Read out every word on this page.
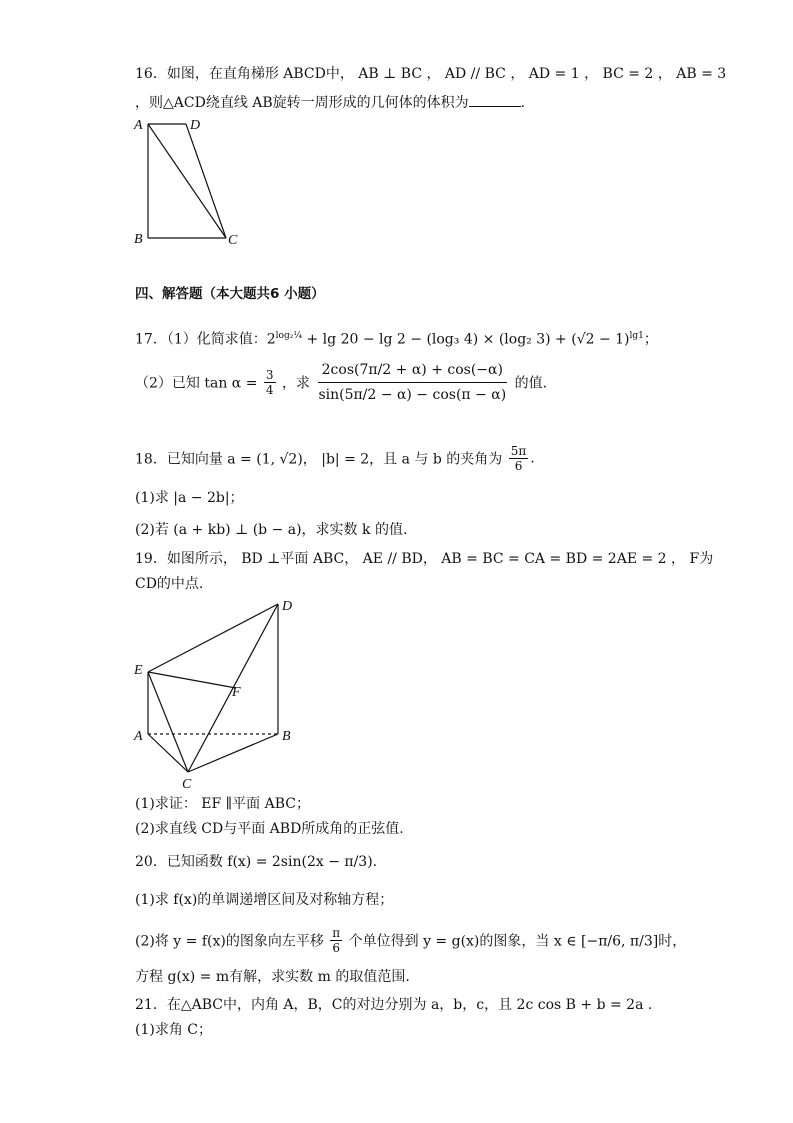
16．如图，在直角梯形 ABCD中， AB ⊥ BC ， AD // BC ， AD = 1 ， BC = 2 ， AB = 3
，则△ACD绕直线 AB旋转一周形成的几何体的体积为	.
A	D
B	C
四、解答题（本大题共6 小题）
17．（1）化简求值：$2^{log_2\frac{1}{4}} + \lg 20 - \lg 2 - (\log_3$ 4) × (log₂ $3) + (√2 - 1)^{lg1}$；
（2）已知 $\tan \alpha = \frac{3}{4}$ ，求 $\frac{2\cos(7\pi/2 + \alpha) + \cos(-\alpha)}{\sin(5\pi/2 - \alpha) - \cos(\pi - \alpha)}$ 的值.
18．已知向量 a = (1, √2)， |b| = 2，且 a 与 b 的夹角为 $\frac{5\pi}{6}$ .
(1)求 |a − 2b|；
(2)若 (a + kb) ⊥ (b − a)，求实数 k 的值.
19．如图所示， BD ⊥平面 ABC， AE // BD， AB = BC = CA = BD = 2AE = 2 ， F为
CD的中点.
E
D
F
A	B
C
(1)求证： EF ∥平面 ABC；
(2)求直线 CD与平面 ABD所成角的正弦值.
20．已知函数 f(x) = 2sin(2x − π/3).
(1)求 f(x)的单调递增区间及对称轴方程；
(2)将 y = f(x)的图象向左平移 $\frac{\pi}{6}$ 个单位得到 y = g(x)的图象，当 x ∈ [−π/6, π/3]时，
方程 g(x) = m有解，求实数 m 的取值范围.
21．在△ABC中，内角 A，B，C的对边分别为 a，b，c，且 2c cos B + b = 2a .
(1)求角 C；
